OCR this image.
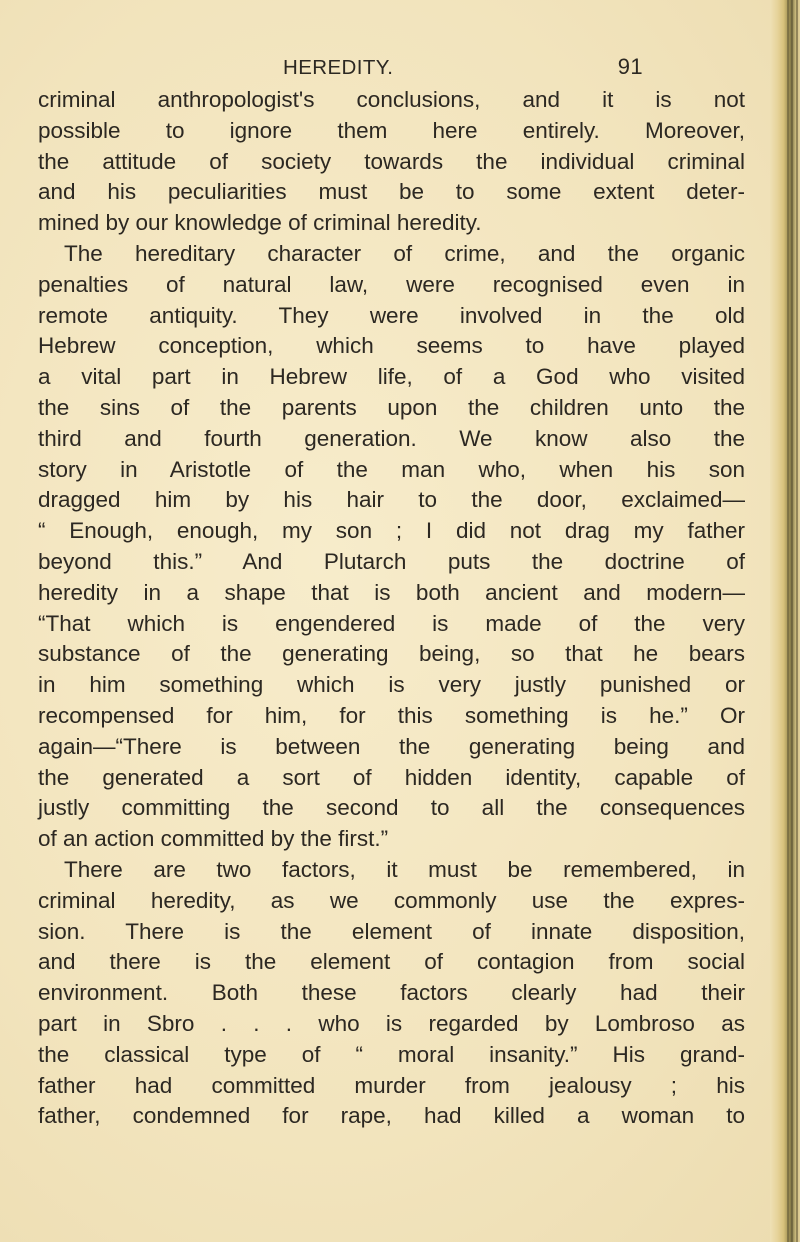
HEREDITY.	91

criminal anthropologist's conclusions, and it is not

possible to ignore them here entirely. Moreover,

the attitude of society towards the individual criminal

and his peculiarities must be to some extent deter-

mined by our knowledge of criminal heredity.

The hereditary character of crime, and the organic

penalties of natural law, were recognised even in

remote antiquity. They were involved in the old

Hebrew conception, which seems to have played

a vital part in Hebrew life, of a God who visited

the sins of the parents upon the children unto the

third and fourth generation. We know also the

story in Aristotle of the man who, when his son

dragged him by his hair to the door, exclaimed—

“ Enough, enough, my son ; I did not drag my father

beyond this.” And Plutarch puts the doctrine of

heredity in a shape that is both ancient and modern—

“That which is engendered is made of the very

substance of the generating being, so that he bears

in him something which is very justly punished or

recompensed for him, for this something is he.” Or

again—“There is between the generating being and

the generated a sort of hidden identity, capable of

justly committing the second to all the consequences

of an action committed by the first.”

There are two factors, it must be remembered, in

criminal heredity, as we commonly use the expres-

sion. There is the element of innate disposition,

and there is the element of contagion from social

environment. Both these factors clearly had their

part in Sbro . . . who is regarded by Lombroso as

the classical type of “ moral insanity.” His grand-

father had committed murder from jealousy ; his

father, condemned for rape, had killed a woman to
